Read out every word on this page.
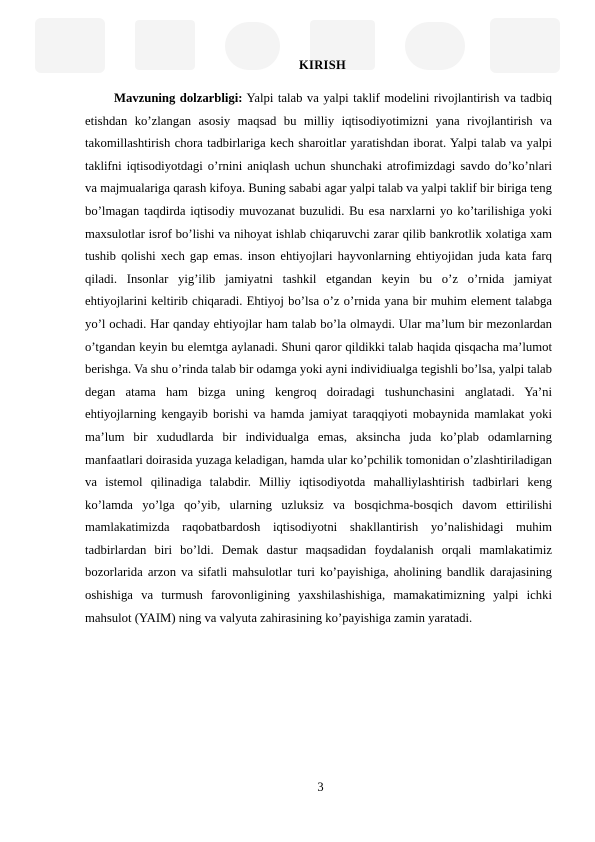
KIRISH

Mavzuning dolzarbligi: Yalpi talab va yalpi taklif modelini rivojlantirish va tadbiq etishdan ko’zlangan asosiy maqsad bu milliy iqtisodiyotimizni yana rivojlantirish va takomillashtirish chora tadbirlariga kech sharoitlar yaratishdan iborat. Yalpi talab va yalpi taklifni iqtisodiyotdagi o’rnini aniqlash uchun shunchaki atrofimizdagi savdo do’ko’nlari va majmualariga qarash kifoya. Buning sababi agar yalpi talab va yalpi taklif bir biriga teng bo’lmagan taqdirda iqtisodiy muvozanat buzulidi. Bu esa narxlarni yo ko’tarilishiga yoki maxsulotlar isrof bo’lishi va nihoyat ishlab chiqaruvchi zarar qilib bankrotlik xolatiga xam tushib qolishi xech gap emas. inson ehtiyojlari hayvonlarning ehtiyojidan juda kata farq qiladi. Insonlar yig’ilib jamiyatni tashkil etgandan keyin bu o’z o’rnida jamiyat ehtiyojlarini keltirib chiqaradi. Ehtiyoj bo’lsa o’z o’rnida yana bir muhim element talabga yo’l ochadi. Har qanday ehtiyojlar ham talab bo’la olmaydi. Ular ma’lum bir mezonlardan o’tgandan keyin bu elemtga aylanadi. Shuni qaror qildikki talab haqida qisqacha ma’lumot berishga. Va shu o’rinda talab bir odamga yoki ayni individiualga tegishli bo’lsa, yalpi talab degan atama ham bizga uning kengroq doiradagi tushunchasini anglatadi. Ya’ni ehtiyojlarning kengayib borishi va hamda jamiyat taraqqiyoti mobaynida mamlakat yoki ma’lum bir xududlarda bir individualga emas, aksincha juda ko’plab odamlarning manfaatlari doirasida yuzaga keladigan, hamda ular ko’pchilik tomonidan o’zlashtiriladigan va istemol qilinadiga talabdir. Milliy iqtisodiyotda mahalliylashtirish tadbirlari keng ko’lamda yo’lga qo’yib, ularning uzluksiz va bosqichma-bosqich davom ettirilishi mamlakatimizda raqobatbardosh iqtisodiyotni shakllantirish yo’nalishidagi muhim tadbirlardan biri bo’ldi. Demak dastur maqsadidan foydalanish orqali mamlakatimiz bozorlarida arzon va sifatli mahsulotlar turi ko’payishiga, aholining bandlik darajasining oshishiga va turmush farovonligining yaxshilashishiga, mamakatimizning yalpi ichki mahsulot (YAIM) ning va valyuta zahirasining ko’payishiga zamin yaratadi.

3
